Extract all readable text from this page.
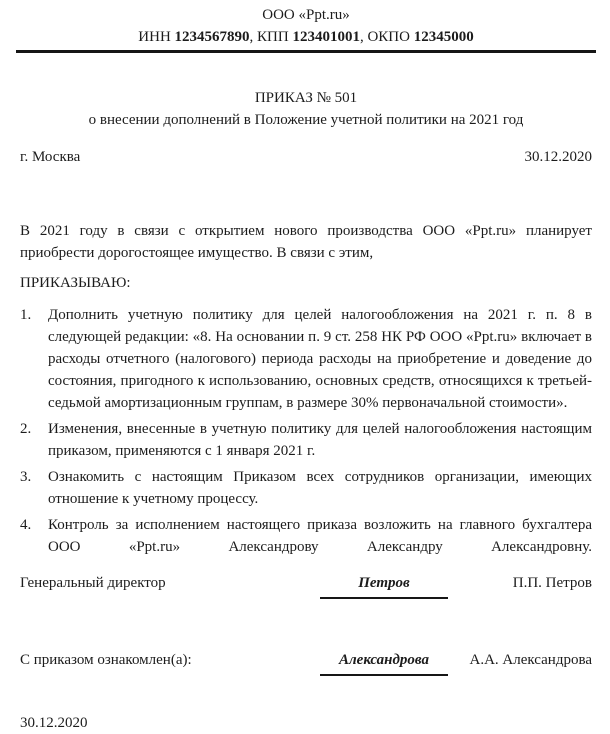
ООО «Ppt.ru»
ИНН 1234567890, КПП 123401001, ОКПО 12345000
ПРИКАЗ № 501
о внесении дополнений в Положение учетной политики на 2021 год
г. Москва	30.12.2020
В 2021 году в связи с открытием нового производства ООО «Ppt.ru» планирует приобрести дорогостоящее имущество. В связи с этим,
ПРИКАЗЫВАЮ:
1.	Дополнить учетную политику для целей налогообложения на 2021 г. п. 8 в следующей редакции: «8. На основании п. 9 ст. 258 НК РФ ООО «Ppt.ru» включает в расходы отчетного (налогового) периода расходы на приобретение и доведение до состояния, пригодного к использованию, основных средств, относящихся к третьей-седьмой амортизационным группам, в размере 30% первоначальной стоимости».
2.	Изменения, внесенные в учетную политику для целей налогообложения настоящим приказом, применяются с 1 января 2021 г.
3.	Ознакомить с настоящим Приказом всех сотрудников организации, имеющих отношение к учетному процессу.
4.	Контроль за исполнением настоящего приказа возложить на главного бухгалтера ООО «Ppt.ru» Александрову Александру Александровну.
Генеральный директор	Петров	П.П. Петров
С приказом ознакомлен(а):	Александрова	А.А. Александрова
30.12.2020
